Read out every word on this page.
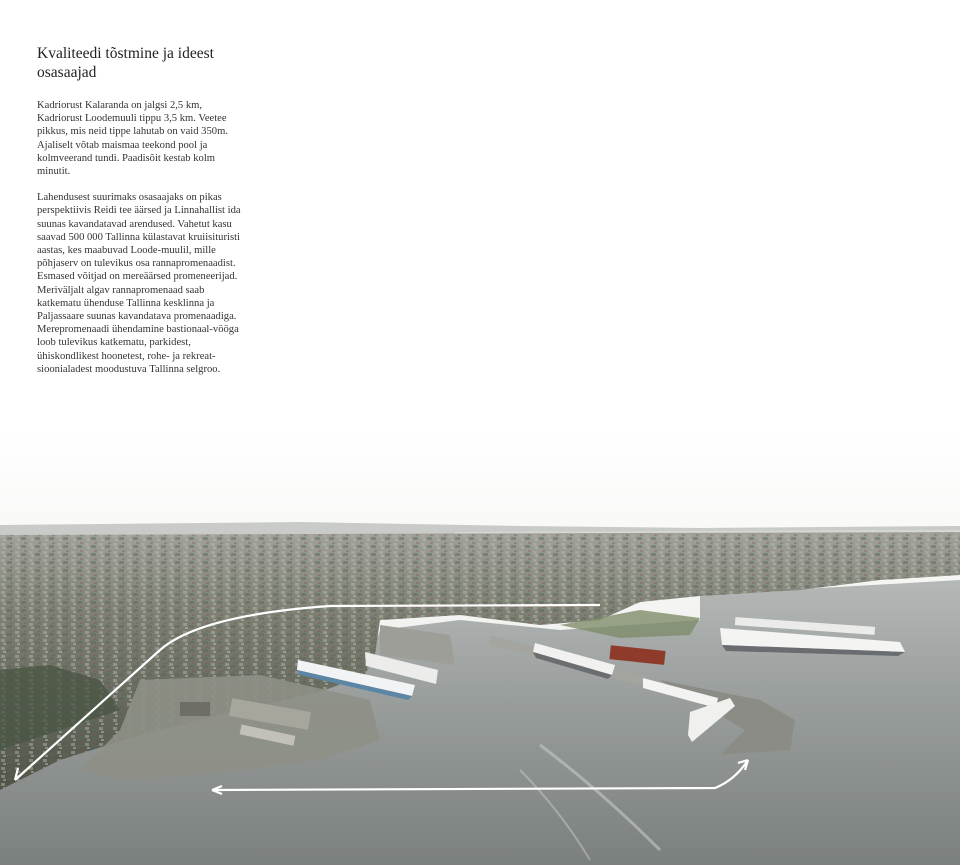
Kvaliteedi tõstmine ja ideest osasaajad

Kadriorust Kalaranda on jalgsi 2,5 km, Kadriorust Loodemuuli tippu 3,5 km. Veetee pikkus, mis neid tippe lahutab on vaid 350m. Ajaliselt võtab maismaa teekond pool ja kolmveerand tundi. Paadisõit kestab kolm minutit.

Lahendusest suurimaks osasaajaks on pikas perspektiivis Reidi tee äärsed ja Linnahallist ida suunas kavandatavad arendused. Vahetut kasu saavad 500 000 Tallinna külastavat kruiisituristi aastas, kes maabuvad Loode-muulil, mille põhjaserv on tulevikus osa rannapromenaadist. Esmased võitjad on mereäärsed promeneerijad. Meriväljalt algav rannapromenaad saab katkematu ühenduse Tallinna kesklinna ja Paljassaare suunas kavandatava promenaadiga. Merepromenaadi ühendamine bastionaal-vööga loob tulevikus katkematu, parkidest, ühiskondlikest hoonetest, rohe- ja rekreat-sioonialadest moodustuva Tallinna selgroo.
